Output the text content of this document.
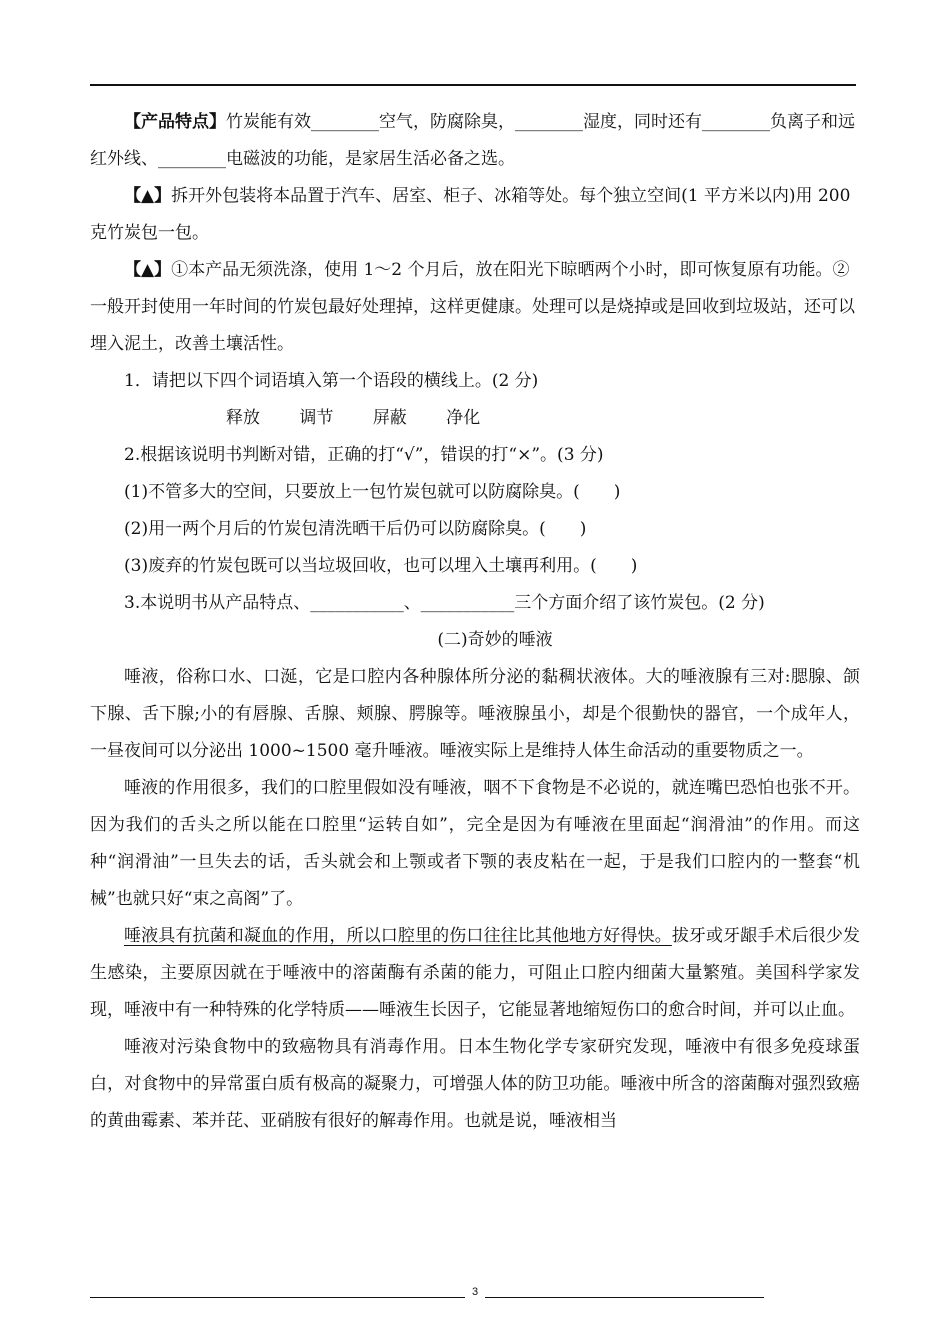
【产品特点】竹炭能有效________空气，防腐除臭，________湿度，同时还有________负离子和远红外线、________电磁波的功能，是家居生活必备之选。

【▲】拆开外包装将本品置于汽车、居室、柜子、冰箱等处。每个独立空间(1 平方米以内)用 200 克竹炭包一包。

【▲】①本产品无须洗涤，使用 1～2 个月后，放在阳光下晾晒两个小时，即可恢复原有功能。②一般开封使用一年时间的竹炭包最好处理掉，这样更健康。处理可以是烧掉或是回收到垃圾站，还可以埋入泥土，改善土壤活性。

1．请把以下四个词语填入第一个语段的横线上。(2 分)

释放 调节 屏蔽 净化

2.根据该说明书判断对错，正确的打“√”，错误的打“×”。(3 分)

(1)不管多大的空间，只要放上一包竹炭包就可以防腐除臭。(　　)

(2)用一两个月后的竹炭包清洗晒干后仍可以防腐除臭。(　　)

(3)废弃的竹炭包既可以当垃圾回收，也可以埋入土壤再利用。(　　)

3.本说明书从产品特点、___________、___________三个方面介绍了该竹炭包。(2 分)

(二)奇妙的唾液

唾液，俗称口水、口涎，它是口腔内各种腺体所分泌的黏稠状液体。大的唾液腺有三对:腮腺、颌下腺、舌下腺;小的有唇腺、舌腺、颊腺、腭腺等。唾液腺虽小，却是个很勤快的器官，一个成年人，一昼夜间可以分泌出 1000~1500 毫升唾液。唾液实际上是维持人体生命活动的重要物质之一。

唾液的作用很多，我们的口腔里假如没有唾液，咽不下食物是不必说的，就连嘴巴恐怕也张不开。因为我们的舌头之所以能在口腔里“运转自如”，完全是因为有唾液在里面起“润滑油”的作用。而这种“润滑油”一旦失去的话，舌头就会和上颚或者下颚的表皮粘在一起，于是我们口腔内的一整套“机械”也就只好“束之高阁”了。

唾液具有抗菌和凝血的作用，所以口腔里的伤口往往比其他地方好得快。拔牙或牙龈手术后很少发生感染，主要原因就在于唾液中的溶菌酶有杀菌的能力，可阻止口腔内细菌大量繁殖。美国科学家发现，唾液中有一种特殊的化学特质——唾液生长因子，它能显著地缩短伤口的愈合时间，并可以止血。

唾液对污染食物中的致癌物具有消毒作用。日本生物化学专家研究发现，唾液中有很多免疫球蛋白，对食物中的异常蛋白质有极高的凝聚力，可增强人体的防卫功能。唾液中所含的溶菌酶对强烈致癌的黄曲霉素、苯并芘、亚硝胺有很好的解毒作用。也就是说，唾液相当

3
